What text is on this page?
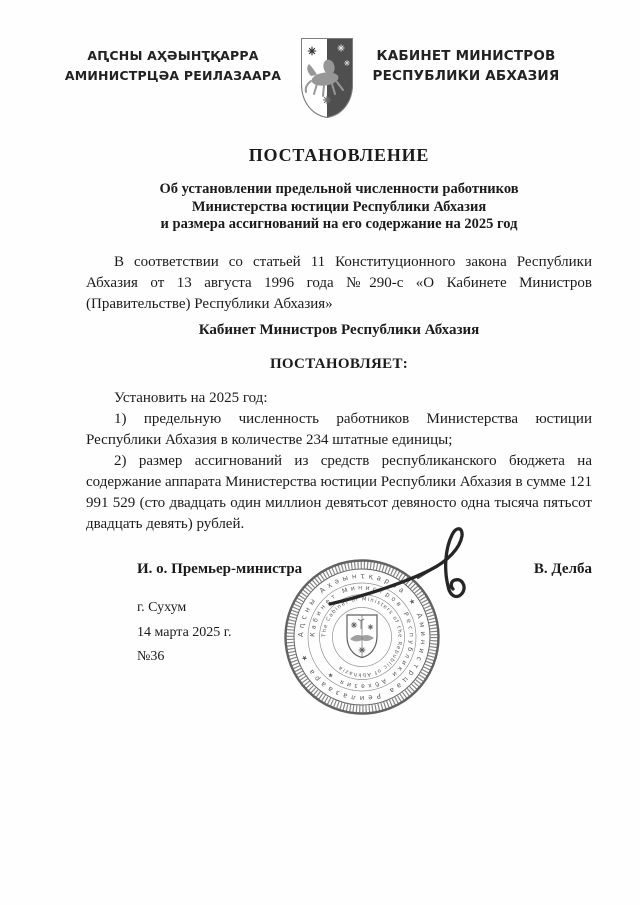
АԤСНЫ АҲӘЫНҬҚАРРА
АМИНИСТРЦӘА РЕИЛАЗААРА
КАБИНЕТ МИНИСТРОВ
РЕСПУБЛИКИ АБХАЗИЯ
ПОСТАНОВЛЕНИЕ
Об установлении предельной численности работников
Министерства юстиции Республики Абхазия
и размера ассигнований на его содержание на 2025 год
В соответствии со статьей 11 Конституционного закона Республики Абхазия от 13 августа 1996 года №290-с «О Кабинете Министров (Правительстве) Республики Абхазия»
Кабинет Министров Республики Абхазия
ПОСТАНОВЛЯЕТ:

Установить на 2025 год:

1) предельную численность работников Министерства юстиции Республики Абхазия в количестве 234 штатные единицы;

2) размер ассигнований из средств республиканского бюджета на содержание аппарата Министерства юстиции Республики Абхазия в сумме 121 991 529 (сто двадцать один миллион девятьсот девяносто одна тысяча пятьсот двадцать девять) рублей.

И. о. Премьер-министра	В. Делба
г. Сухум
14 марта 2025 г.
№36
Аԥсны Аҳәынҭқарра ★ Аминистрцәа Реилазаара ★
Кабинет Министров Республики Абхазия ★
The Cabinet of Ministers of the Republic of Abkhazia
